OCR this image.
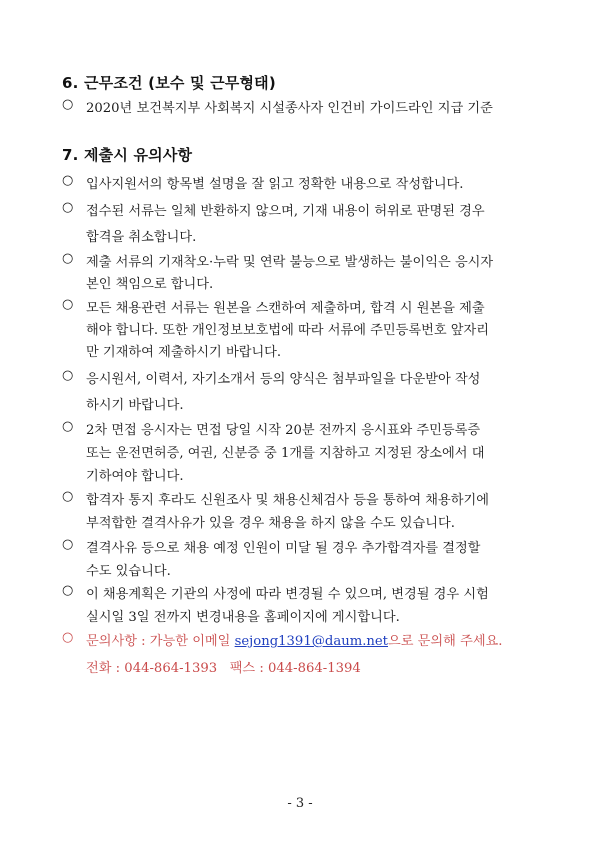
6. 근무조건 (보수 및 근무형태)
○ 2020년 보건복지부 사회복지 시설종사자 인건비 가이드라인 지급 기준
7. 제출시 유의사항
○ 입사지원서의 항목별 설명을 잘 읽고 정확한 내용으로 작성합니다.
○ 접수된 서류는 일체 반환하지 않으며, 기재 내용이 허위로 판명된 경우
합격을 취소합니다.
○ 제출 서류의 기재착오·누락 및 연락 불능으로 발생하는 불이익은 응시자
본인 책임으로 합니다.
○ 모든 채용관련 서류는 원본을 스캔하여 제출하며, 합격 시 원본을 제출
해야 합니다. 또한 개인정보보호법에 따라 서류에 주민등록번호 앞자리
만 기재하여 제출하시기 바랍니다.
○ 응시원서, 이력서, 자기소개서 등의 양식은 첨부파일을 다운받아 작성
하시기 바랍니다.
○ 2차 면접 응시자는 면접 당일 시작 20분 전까지 응시표와 주민등록증
또는 운전면허증, 여권, 신분증 중 1개를 지참하고 지정된 장소에서 대
기하여야 합니다.
○ 합격자 통지 후라도 신원조사 및 채용신체검사 등을 통하여 채용하기에
부적합한 결격사유가 있을 경우 채용을 하지 않을 수도 있습니다.
○ 결격사유 등으로 채용 예정 인원이 미달 될 경우 추가합격자를 결정할
수도 있습니다.
○ 이 채용계획은 기관의 사정에 따라 변경될 수 있으며, 변경될 경우 시험
실시일 3일 전까지 변경내용을 홈페이지에 게시합니다.
○ 문의사항 : 가능한 이메일 sejong1391@daum.net으로 문의해 주세요.
전화 : 044-864-1393   팩스 : 044-864-1394
- 3 -
